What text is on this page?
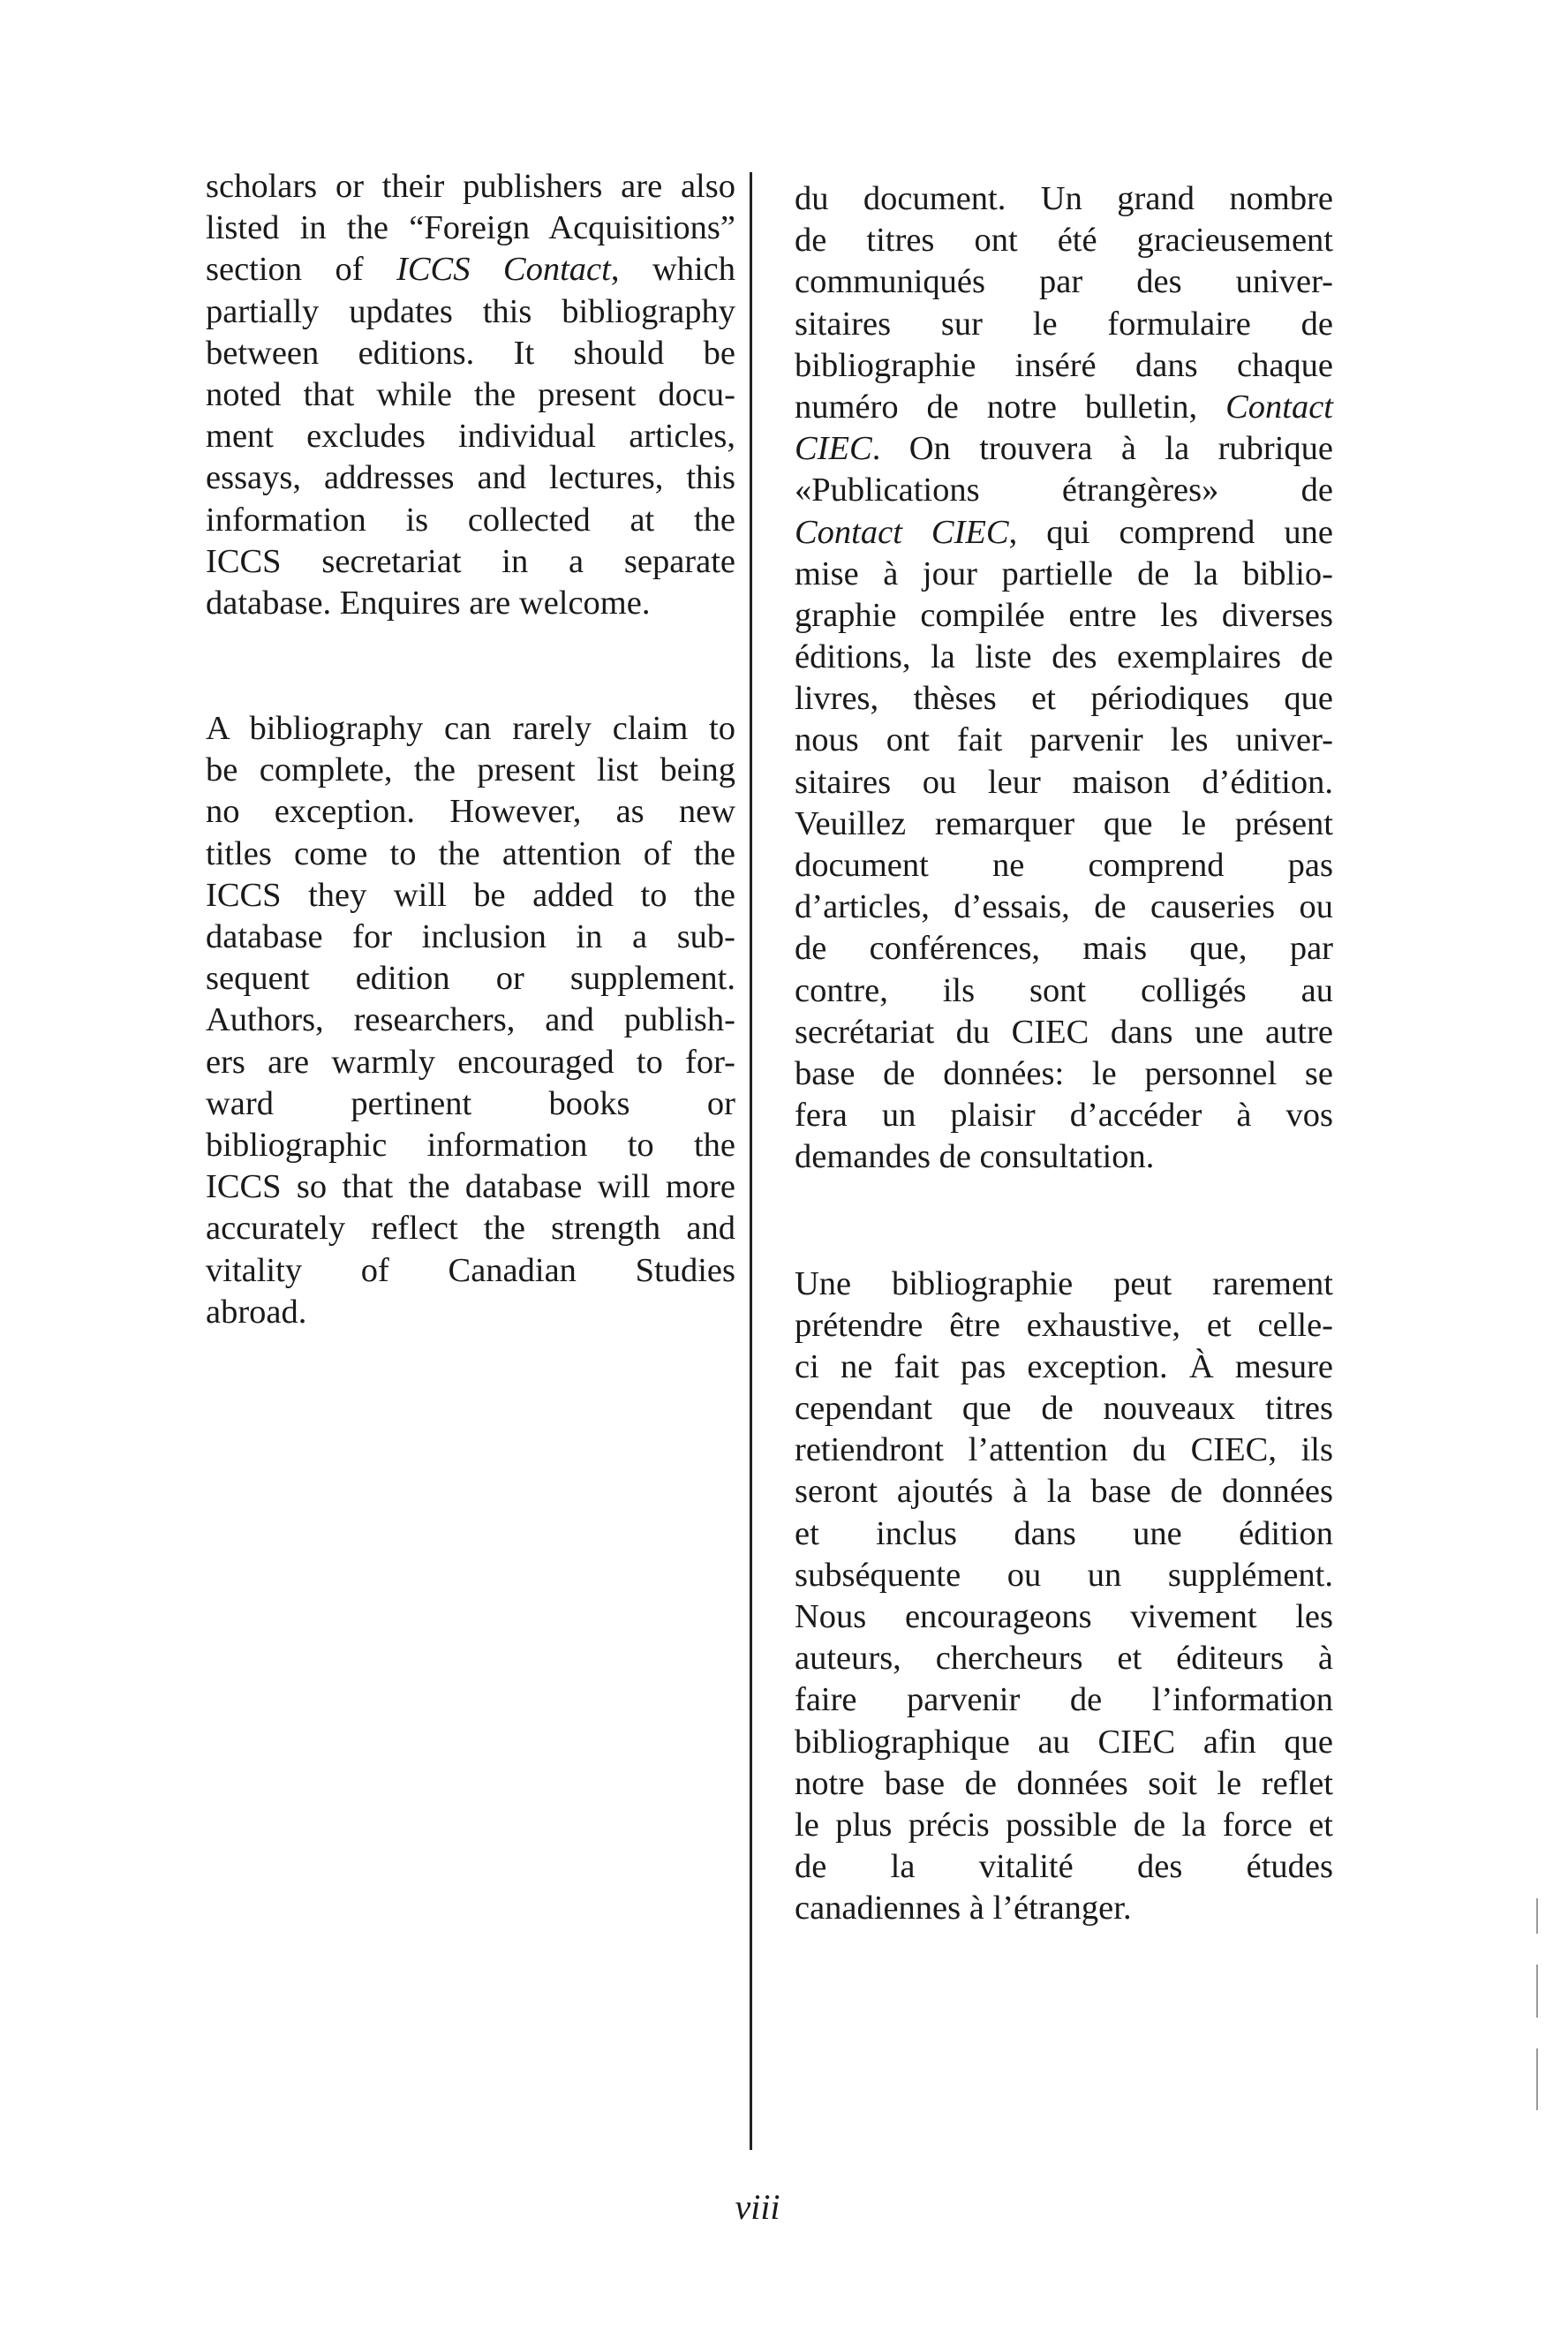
scholars or their publishers are also
listed in the “Foreign Acquisitions”
section of ICCS Contact, which
partially updates this bibliography
between editions. It should be
noted that while the present docu-
ment excludes individual articles,
essays, addresses and lectures, this
information is collected at the
ICCS secretariat in a separate
database. Enquires are welcome.
A bibliography can rarely claim to
be complete, the present list being
no exception. However, as new
titles come to the attention of the
ICCS they will be added to the
database for inclusion in a sub-
sequent edition or supplement.
Authors, researchers, and publish-
ers are warmly encouraged to for-
ward pertinent books or
bibliographic information to the
ICCS so that the database will more
accurately reflect the strength and
vitality of Canadian Studies
abroad.
du document. Un grand nombre
de titres ont été gracieusement
communiqués par des univer-
sitaires sur le formulaire de
bibliographie inséré dans chaque
numéro de notre bulletin, Contact
CIEC. On trouvera à la rubrique
«Publications étrangères» de
Contact CIEC, qui comprend une
mise à jour partielle de la biblio-
graphie compilée entre les diverses
éditions, la liste des exemplaires de
livres, thèses et périodiques que
nous ont fait parvenir les univer-
sitaires ou leur maison d’édition.
Veuillez remarquer que le présent
document ne comprend pas
d’articles, d’essais, de causeries ou
de conférences, mais que, par
contre, ils sont colligés au
secrétariat du CIEC dans une autre
base de données: le personnel se
fera un plaisir d’accéder à vos
demandes de consultation.
Une bibliographie peut rarement
prétendre être exhaustive, et celle-
ci ne fait pas exception. À mesure
cependant que de nouveaux titres
retiendront l’attention du CIEC, ils
seront ajoutés à la base de données
et inclus dans une édition
subséquente ou un supplément.
Nous encourageons vivement les
auteurs, chercheurs et éditeurs à
faire parvenir de l’information
bibliographique au CIEC afin que
notre base de données soit le reflet
le plus précis possible de la force et
de la vitalité des études
canadiennes à l’étranger.
viii
